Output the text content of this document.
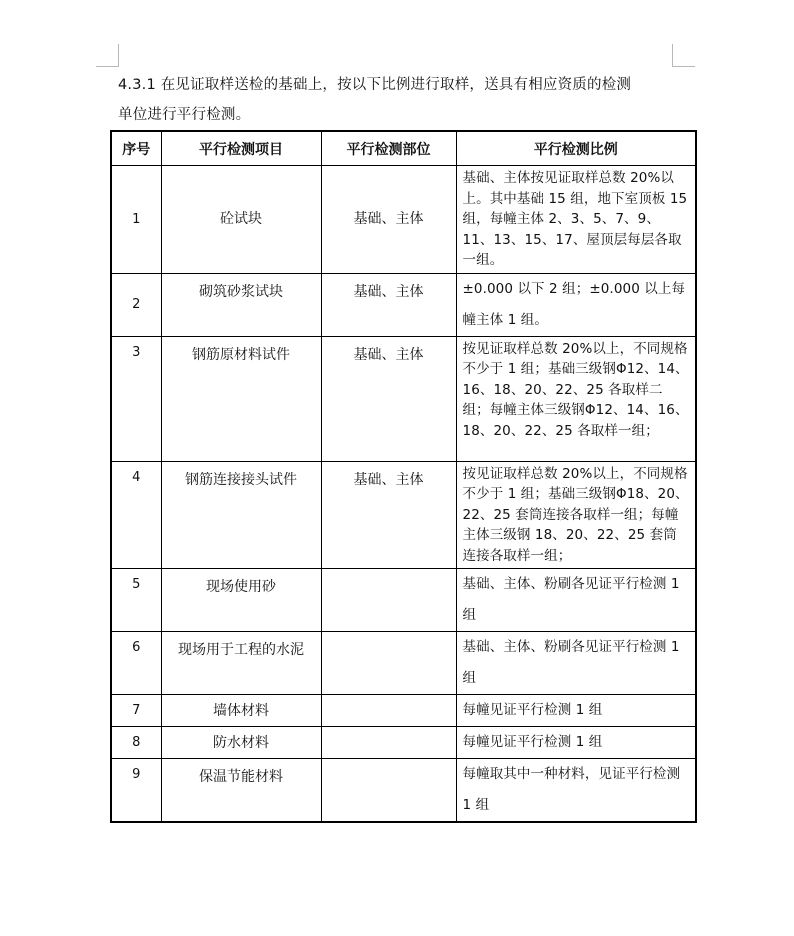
4.3.1 在见证取样送检的基础上，按以下比例进行取样，送具有相应资质的检测

单位进行平行检测。

序号	平行检测项目	平行检测部位	平行检测比例
1	砼试块	基础、主体	基础、主体按见证取样总数 20%以上。其中基础 15 组，地下室顶板 15 组，每幢主体 2、3、5、7、9、11、13、15、17、屋顶层每层各取一组。
2	砌筑砂浆试块	基础、主体	±0.000 以下 2 组；±0.000 以上每幢主体 1 组。
3	钢筋原材料试件	基础、主体	按见证取样总数 20%以上，不同规格不少于 1 组；基础三级钢Φ12、14、16、18、20、22、25 各取样二组；每幢主体三级钢Φ12、14、16、18、20、22、25 各取样一组；
4	钢筋连接接头试件	基础、主体	按见证取样总数 20%以上，不同规格不少于 1 组；基础三级钢Φ18、20、22、25 套筒连接各取样一组；每幢主体三级钢 18、20、22、25 套筒连接各取样一组；
5	现场使用砂		基础、主体、粉刷各见证平行检测 1 组
6	现场用于工程的水泥		基础、主体、粉刷各见证平行检测 1 组
7	墙体材料		每幢见证平行检测 1 组
8	防水材料		每幢见证平行检测 1 组
9	保温节能材料		每幢取其中一种材料，见证平行检测 1 组
